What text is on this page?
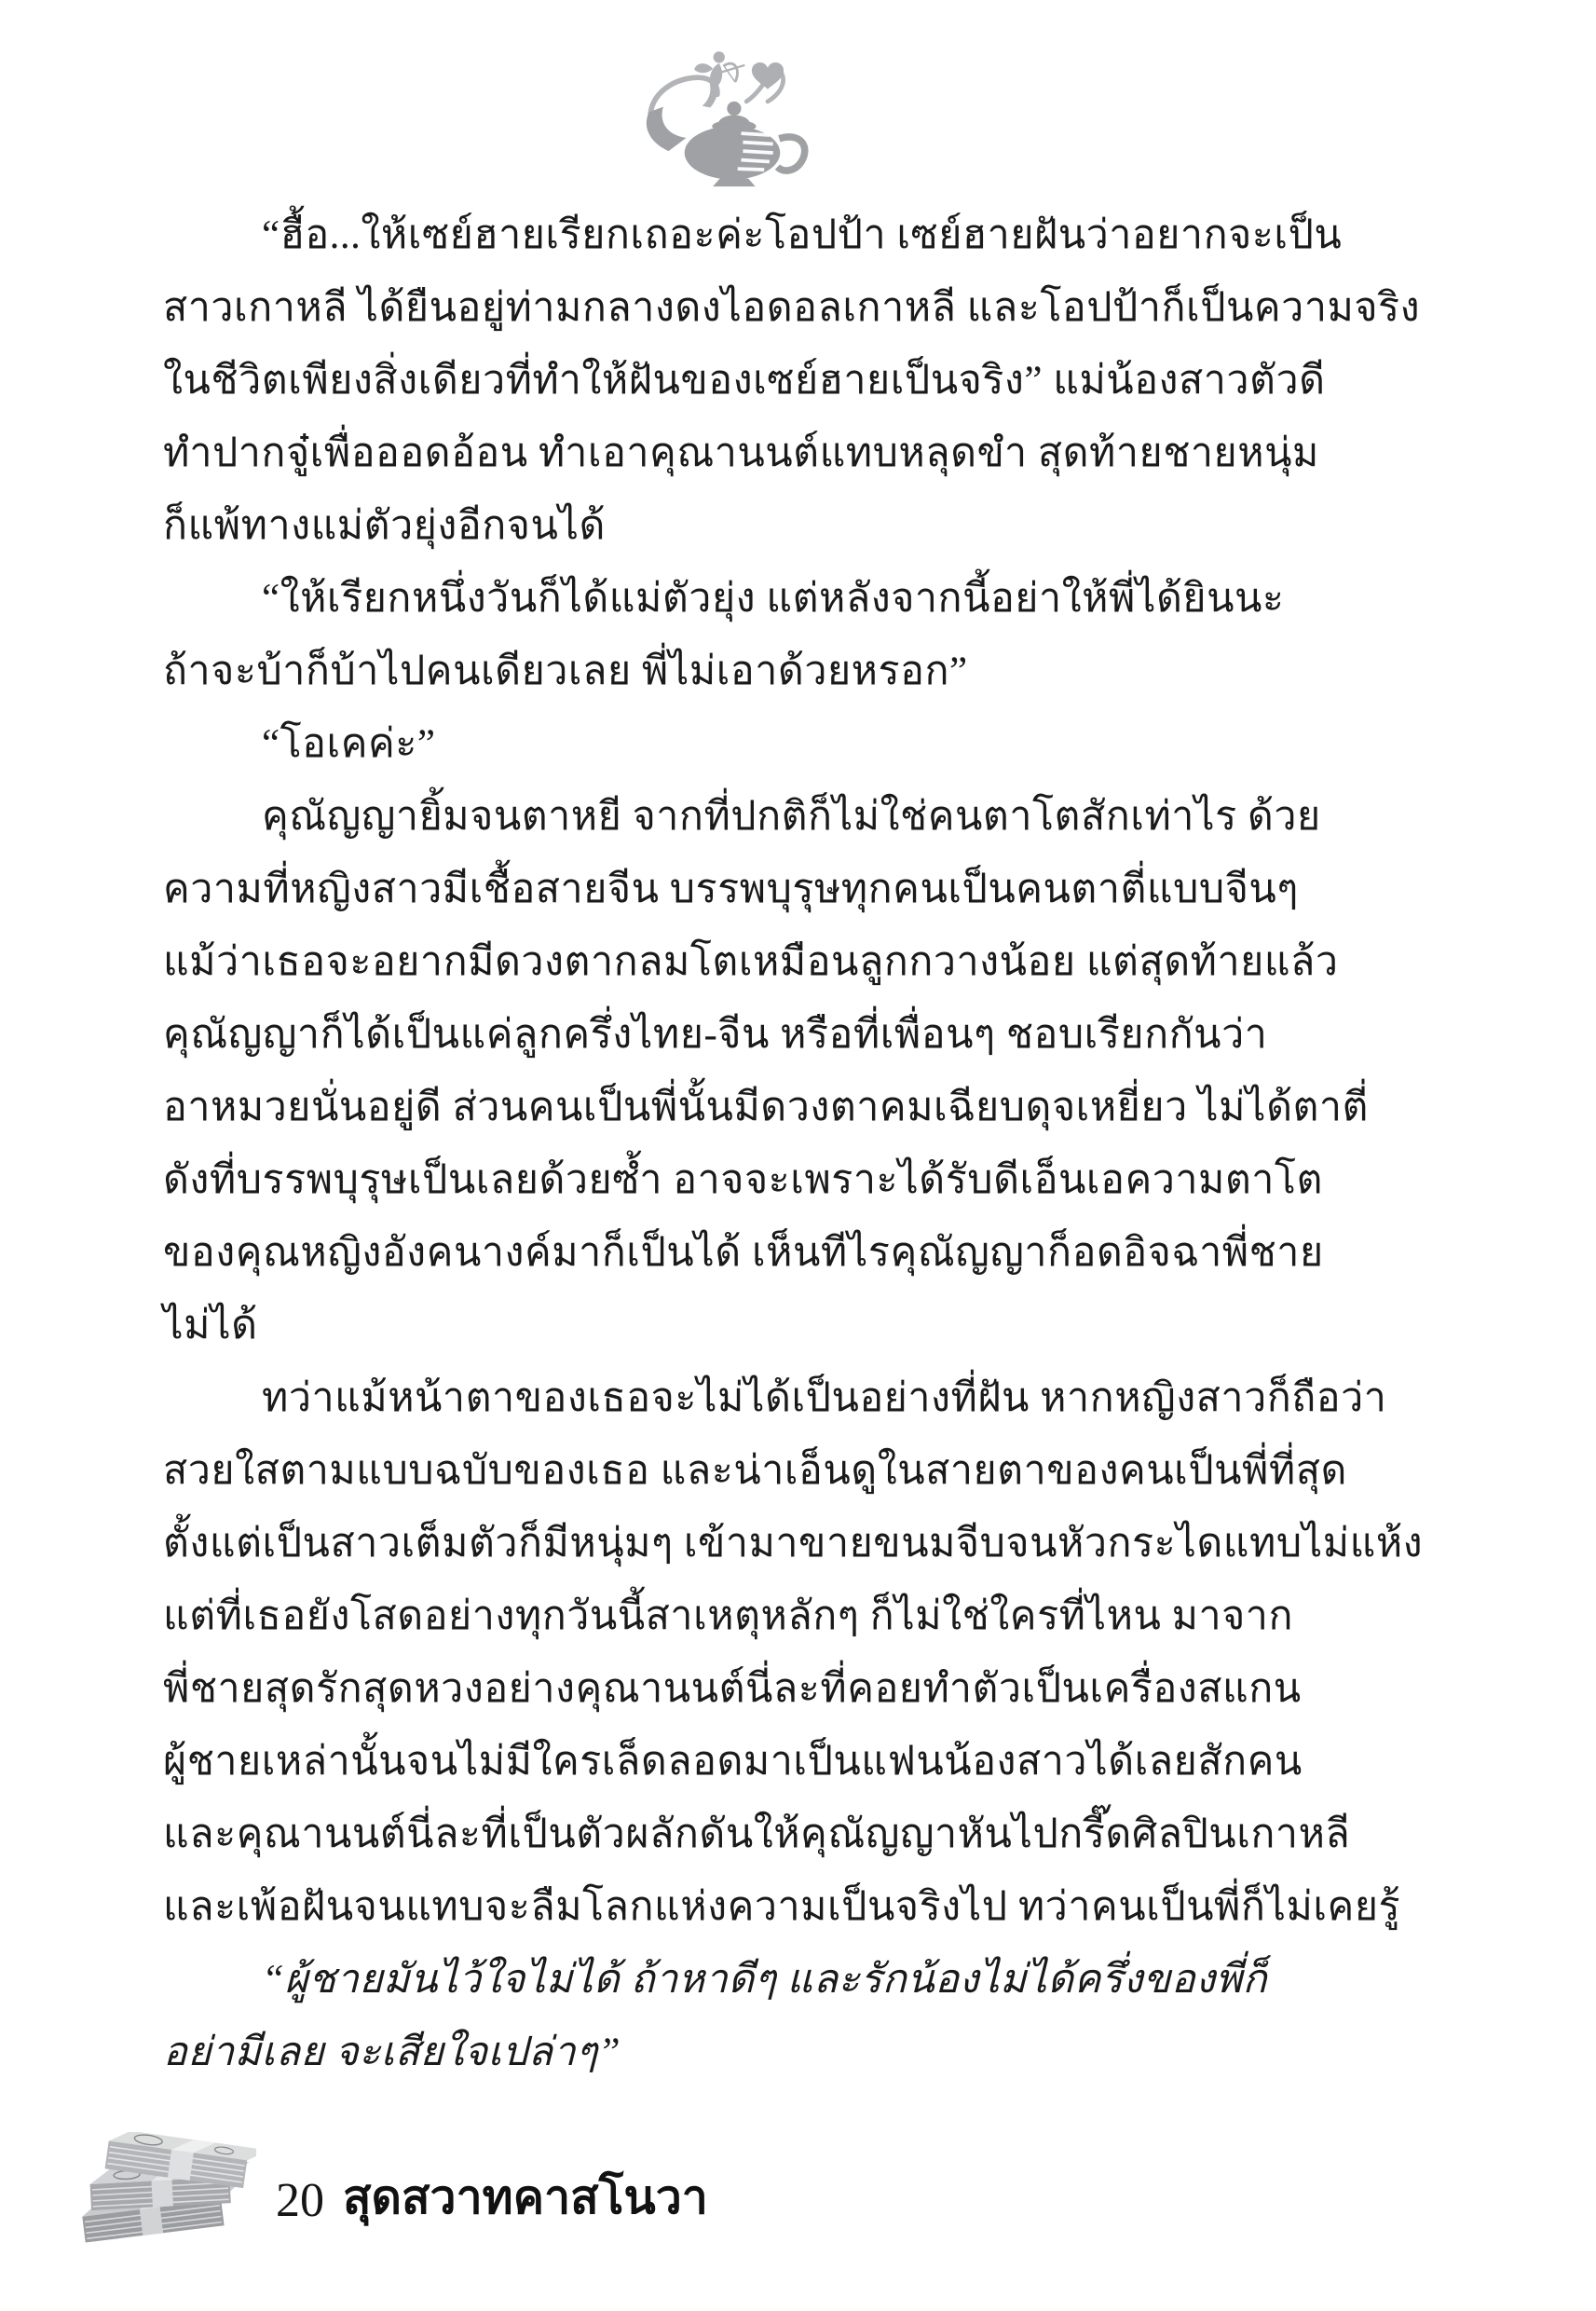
“ฮื้อ...ให้เซย์ฮายเรียกเถอะค่ะโอปป้า เซย์ฮายฝันว่าอยากจะเป็น
สาวเกาหลี ได้ยืนอยู่ท่ามกลางดงไอดอลเกาหลี และโอปป้าก็เป็นความจริง
ในชีวิตเพียงสิ่งเดียวที่ทำให้ฝันของเซย์ฮายเป็นจริง” แม่น้องสาวตัวดี
ทำปากจู๋เพื่อออดอ้อน ทำเอาคุณานนต์แทบหลุดขำ สุดท้ายชายหนุ่ม
ก็แพ้ทางแม่ตัวยุ่งอีกจนได้
“ให้เรียกหนึ่งวันก็ได้แม่ตัวยุ่ง แต่หลังจากนี้อย่าให้พี่ได้ยินนะ
ถ้าจะบ้าก็บ้าไปคนเดียวเลย พี่ไม่เอาด้วยหรอก”
“โอเคค่ะ”
คุณัญญายิ้มจนตาหยี จากที่ปกติก็ไม่ใช่คนตาโตสักเท่าไร ด้วย
ความที่หญิงสาวมีเชื้อสายจีน บรรพบุรุษทุกคนเป็นคนตาตี่แบบจีนๆ
แม้ว่าเธอจะอยากมีดวงตากลมโตเหมือนลูกกวางน้อย แต่สุดท้ายแล้ว
คุณัญญาก็ได้เป็นแค่ลูกครึ่งไทย-จีน หรือที่เพื่อนๆ ชอบเรียกกันว่า
อาหมวยนั่นอยู่ดี ส่วนคนเป็นพี่นั้นมีดวงตาคมเฉียบดุจเหยี่ยว ไม่ได้ตาตี่
ดังที่บรรพบุรุษเป็นเลยด้วยซ้ำ อาจจะเพราะได้รับดีเอ็นเอความตาโต
ของคุณหญิงอังคนางค์มาก็เป็นได้ เห็นทีไรคุณัญญาก็อดอิจฉาพี่ชาย
ไม่ได้
ทว่าแม้หน้าตาของเธอจะไม่ได้เป็นอย่างที่ฝัน หากหญิงสาวก็ถือว่า
สวยใสตามแบบฉบับของเธอ และน่าเอ็นดูในสายตาของคนเป็นพี่ที่สุด
ตั้งแต่เป็นสาวเต็มตัวก็มีหนุ่มๆ เข้ามาขายขนมจีบจนหัวกระไดแทบไม่แห้ง
แต่ที่เธอยังโสดอย่างทุกวันนี้สาเหตุหลักๆ ก็ไม่ใช่ใครที่ไหน มาจาก
พี่ชายสุดรักสุดหวงอย่างคุณานนต์นี่ละที่คอยทำตัวเป็นเครื่องสแกน
ผู้ชายเหล่านั้นจนไม่มีใครเล็ดลอดมาเป็นแฟนน้องสาวได้เลยสักคน
และคุณานนต์นี่ละที่เป็นตัวผลักดันให้คุณัญญาหันไปกรี๊ดศิลปินเกาหลี
และเพ้อฝันจนแทบจะลืมโลกแห่งความเป็นจริงไป ทว่าคนเป็นพี่ก็ไม่เคยรู้
“ผู้ชายมันไว้ใจไม่ได้ ถ้าหาดีๆ และรักน้องไม่ได้ครึ่งของพี่ก็
อย่ามีเลย จะเสียใจเปล่าๆ”
20 สุดสวาทคาสโนวา
